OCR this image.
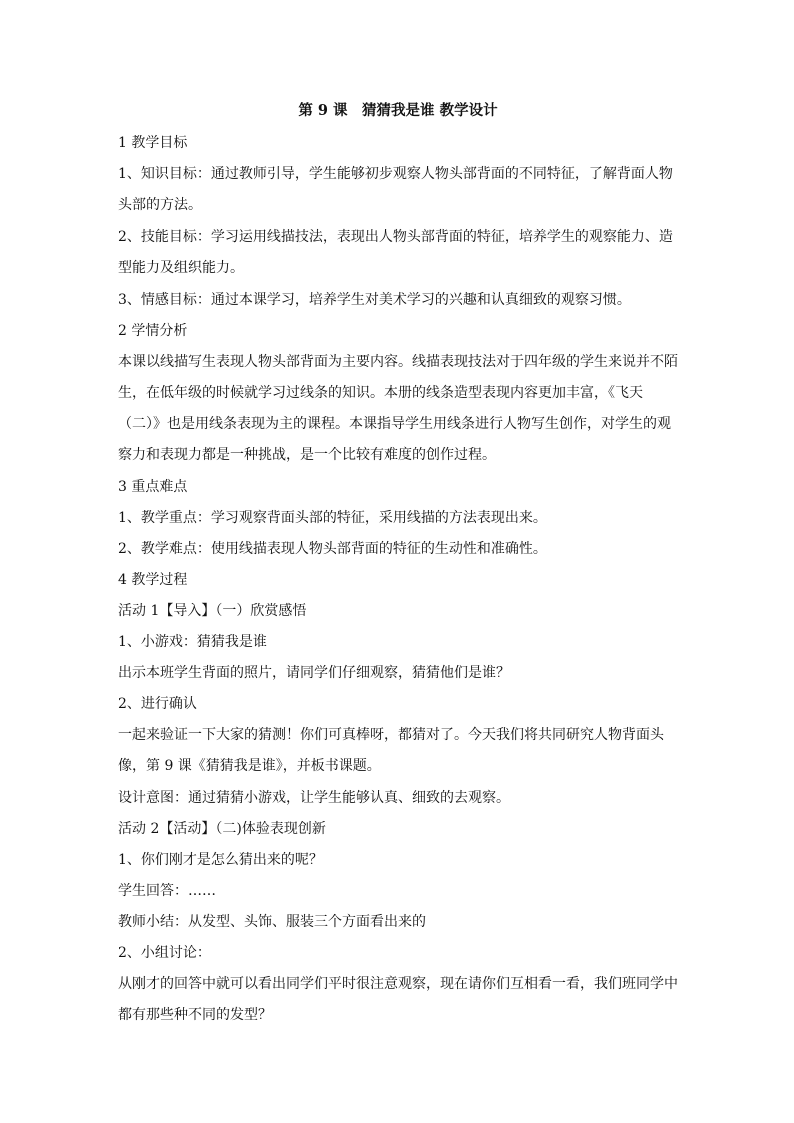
第 9 课　猜猜我是谁 教学设计
1 教学目标
1、知识目标：通过教师引导，学生能够初步观察人物头部背面的不同特征，了解背面人物头部的方法。
2、技能目标：学习运用线描技法，表现出人物头部背面的特征，培养学生的观察能力、造型能力及组织能力。
3、情感目标：通过本课学习，培养学生对美术学习的兴趣和认真细致的观察习惯。
2 学情分析
本课以线描写生表现人物头部背面为主要内容。线描表现技法对于四年级的学生来说并不陌生，在低年级的时候就学习过线条的知识。本册的线条造型表现内容更加丰富，《飞天（二）》也是用线条表现为主的课程。本课指导学生用线条进行人物写生创作，对学生的观察力和表现力都是一种挑战，是一个比较有难度的创作过程。
3 重点难点
1、教学重点：学习观察背面头部的特征，采用线描的方法表现出来。
2、教学难点：使用线描表现人物头部背面的特征的生动性和准确性。
4 教学过程
活动 1【导入】（一）欣赏感悟
1、小游戏：猜猜我是谁
出示本班学生背面的照片，请同学们仔细观察，猜猜他们是谁？
2、进行确认
一起来验证一下大家的猜测！你们可真棒呀，都猜对了。今天我们将共同研究人物背面头像，第 9 课《猜猜我是谁》，并板书课题。
设计意图：通过猜猜小游戏，让学生能够认真、细致的去观察。
活动 2【活动】（二)体验表现创新
1、你们刚才是怎么猜出来的呢？
学生回答：……
教师小结：从发型、头饰、服装三个方面看出来的
2、小组讨论：
从刚才的回答中就可以看出同学们平时很注意观察，现在请你们互相看一看，我们班同学中都有那些种不同的发型？
